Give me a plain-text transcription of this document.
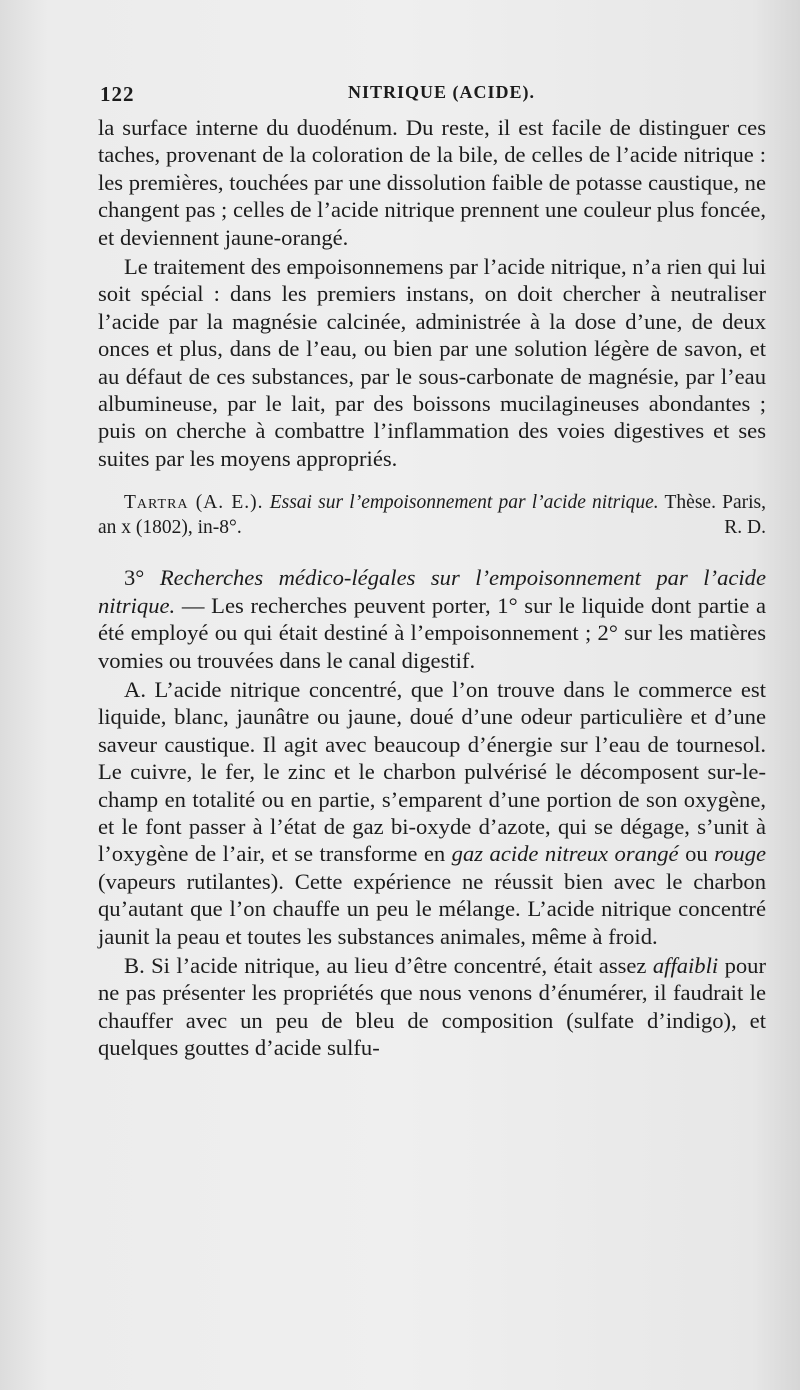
122	NITRIQUE (ACIDE).

la surface interne du duodénum. Du reste, il est facile de distinguer ces taches, provenant de la coloration de la bile, de celles de l’acide nitrique : les premières, touchées par une dissolution faible de potasse caustique, ne changent pas ; celles de l’acide nitrique prennent une couleur plus foncée, et deviennent jaune-orangé.

Le traitement des empoisonnemens par l’acide nitrique, n’a rien qui lui soit spécial : dans les premiers instans, on doit chercher à neutraliser l’acide par la magnésie calcinée, administrée à la dose d’une, de deux onces et plus, dans de l’eau, ou bien par une solution légère de savon, et au défaut de ces substances, par le sous-carbonate de magnésie, par l’eau albumineuse, par le lait, par des boissons mucilagineuses abondantes ; puis on cherche à combattre l’inflammation des voies digestives et ses suites par les moyens appropriés.

Tartra (A. E.). Essai sur l’empoisonnement par l’acide nitrique. Thèse. Paris, an x (1802), in-8°.	R. D.

3° Recherches médico-légales sur l’empoisonnement par l’acide nitrique. — Les recherches peuvent porter, 1° sur le liquide dont partie a été employé ou qui était destiné à l’empoisonnement ; 2° sur les matières vomies ou trouvées dans le canal digestif.

A. L’acide nitrique concentré, que l’on trouve dans le commerce est liquide, blanc, jaunâtre ou jaune, doué d’une odeur particulière et d’une saveur caustique. Il agit avec beaucoup d’énergie sur l’eau de tournesol. Le cuivre, le fer, le zinc et le charbon pulvérisé le décomposent sur-le-champ en totalité ou en partie, s’emparent d’une portion de son oxygène, et le font passer à l’état de gaz bi-oxyde d’azote, qui se dégage, s’unit à l’oxygène de l’air, et se transforme en gaz acide nitreux orangé ou rouge (vapeurs rutilantes). Cette expérience ne réussit bien avec le charbon qu’autant que l’on chauffe un peu le mélange. L’acide nitrique concentré jaunit la peau et toutes les substances animales, même à froid.

B. Si l’acide nitrique, au lieu d’être concentré, était assez affaibli pour ne pas présenter les propriétés que nous venons d’énumérer, il faudrait le chauffer avec un peu de bleu de composition (sulfate d’indigo), et quelques gouttes d’acide sulfu-
